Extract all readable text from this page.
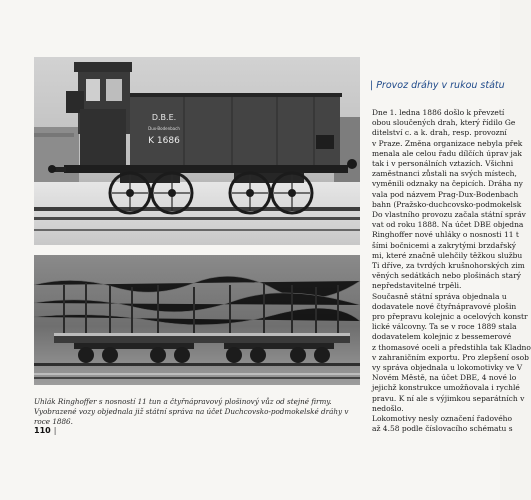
D.B.E.
Dux-Bodenbach
K 1686
Uhlák Ringhoffer s nosností 11 tun a čtyřnápravový plošinový vůz od stejné firmy. Vyobrazené vozy objednala již státní správa na účet Duchcovsko-podmokelské dráhy v roce 1886.
110 |
| Provoz dráhy v rukou státu
Dne 1. ledna 1886 došlo k převzetí
obou sloučených drah, který řídilo Ge
ditelství c. a k. drah, resp. provozní
v Praze. Změna organizace nebyla přek
menala ale celou řadu dílčích úprav jak
tak i v personálních vztazích. Všichni
zaměstnanci zůstali na svých místech,
vyměnili odznaky na čepicích. Dráha ny
vala pod názvem Prag-Dux-Bodenbach
bahn (Pražsko-duchcovsko-podmokelsk
Do vlastního provozu začala státní správ
vat od roku 1888. Na účet DBE objedna
Ringhoffer nové uhláky o nosnosti 11 t
šími bočnicemi a zakrytými brzdařský
mi, které značně ulehčily těžkou službu
Ti dříve, za tvrdých krušnohorských zim
věných sedátkách nebo plošinách starý
nepředstavitelné trpěli.
Současně státní správa objednala u
dodavatele nové čtyřnápravové plošin
pro přepravu kolejnic a ocelových konstr
lické válcovny. Ta se v roce 1889 stala
dodavatelem kolejnic z bessemerové
z thomasové oceli a předstihla tak Kladno
v zahraničním exportu. Pro zlepšení osob
vy správa objednala u lokomotivky ve V
Novém Městě, na účet DBE, 4 nové lo
jejichž konstrukce umožňovala i rychlé
pravu. K ní ale s výjimkou separátních v
nedošlo.
Lokomotivy nesly označení řadového
až 4.58 podle číslovacího schématu s
